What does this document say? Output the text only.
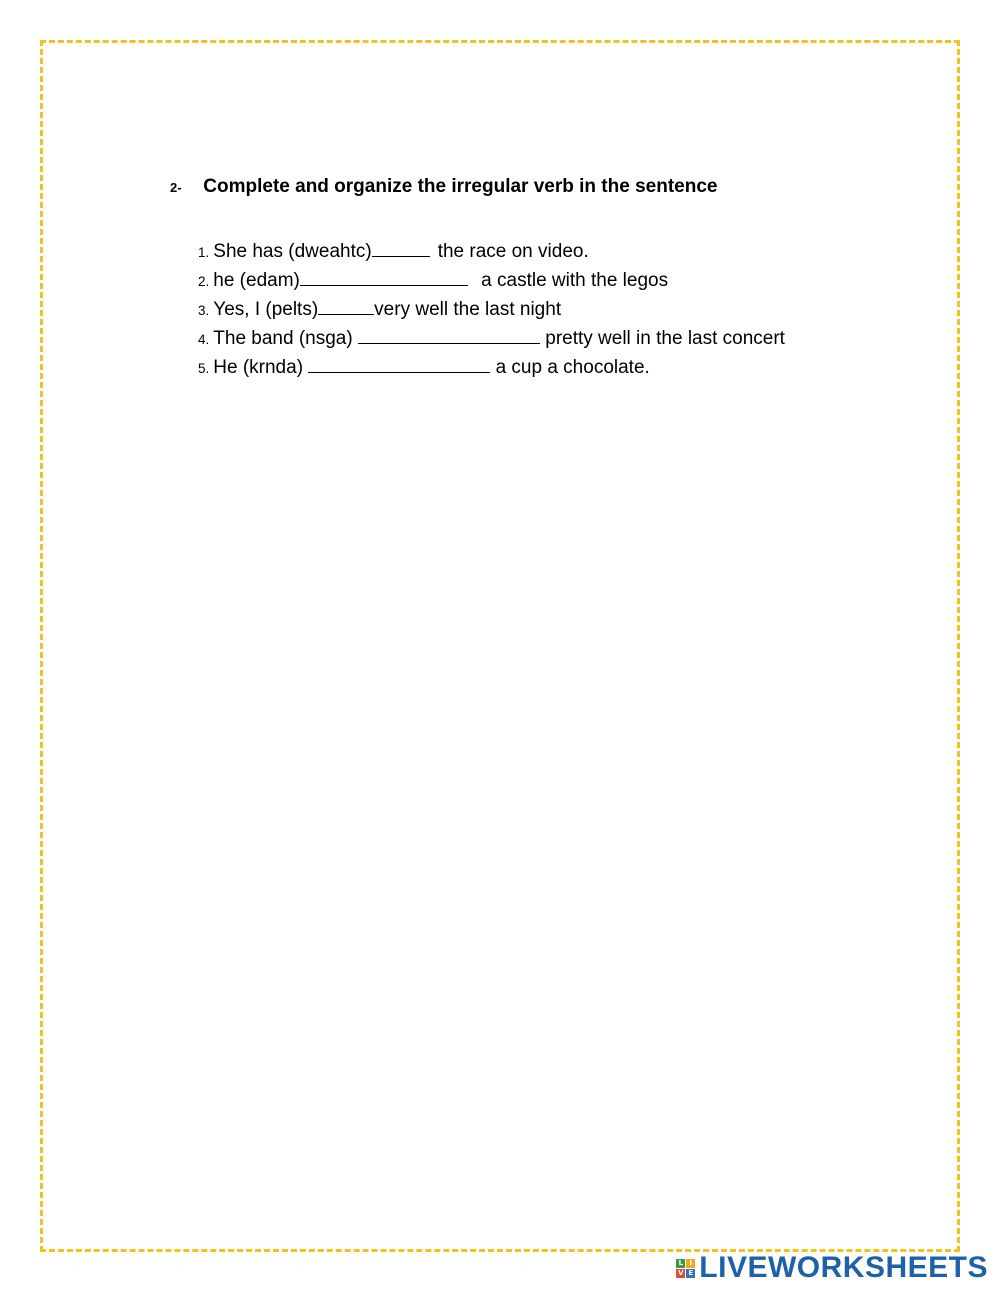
2- Complete and organize the irregular verb in the sentence
1. She has (dweahtc)	the race on video.
2. he (edam)	a castle with the legos
3. Yes, I (pelts)	very well the last night
4. The band (nsga)	pretty well in the last concert
5. He (krnda)	a cup a chocolate.
L I
V E LIVEWORKSHEETS
